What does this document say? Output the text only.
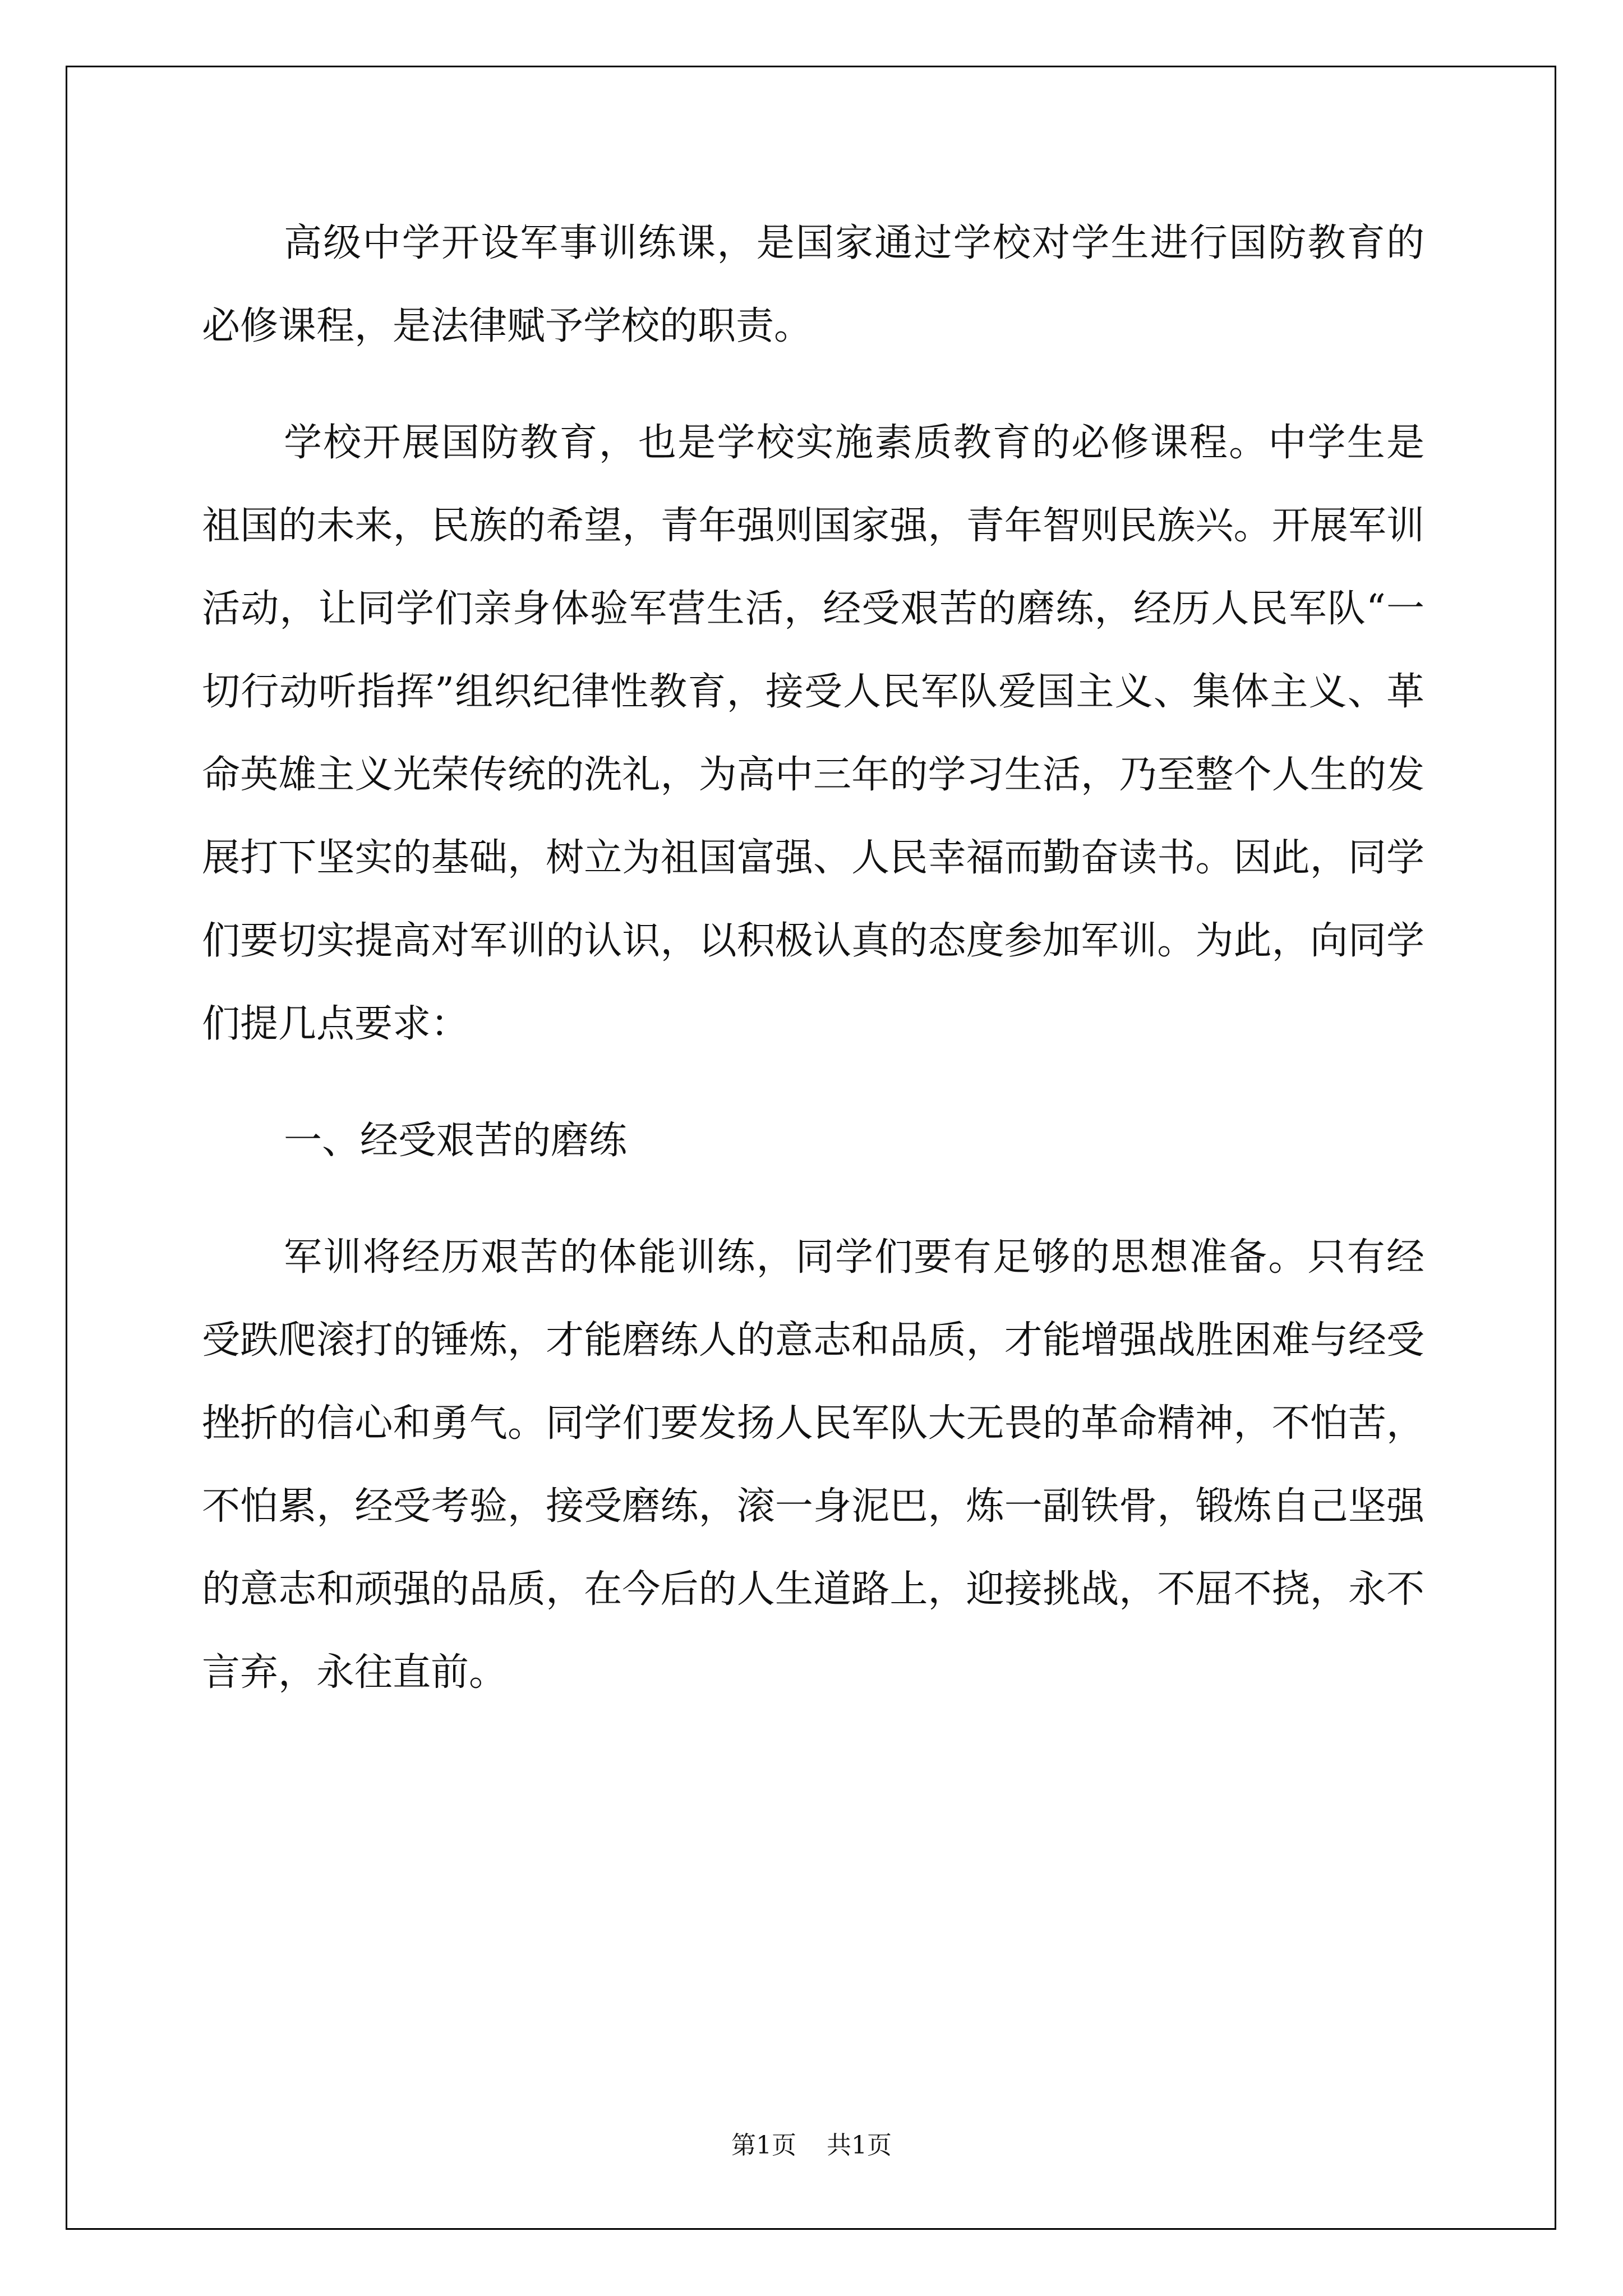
高级中学开设军事训练课，是国家通过学校对学生进行国防教育的必修课程，是法律赋予学校的职责。

学校开展国防教育，也是学校实施素质教育的必修课程。中学生是祖国的未来，民族的希望，青年强则国家强，青年智则民族兴。开展军训活动，让同学们亲身体验军营生活，经受艰苦的磨练，经历人民军队“一切行动听指挥”组织纪律性教育，接受人民军队爱国主义、集体主义、革命英雄主义光荣传统的洗礼，为高中三年的学习生活，乃至整个人生的发展打下坚实的基础，树立为祖国富强、人民幸福而勤奋读书。因此，同学们要切实提高对军训的认识，以积极认真的态度参加军训。为此，向同学们提几点要求：

一、经受艰苦的磨练

军训将经历艰苦的体能训练，同学们要有足够的思想准备。只有经受跌爬滚打的锤炼，才能磨练人的意志和品质，才能增强战胜困难与经受挫折的信心和勇气。同学们要发扬人民军队大无畏的革命精神，不怕苦，不怕累，经受考验，接受磨练，滚一身泥巴，炼一副铁骨，锻炼自己坚强的意志和顽强的品质，在今后的人生道路上，迎接挑战，不屈不挠，永不言弃，永往直前。

第1页 共1页
